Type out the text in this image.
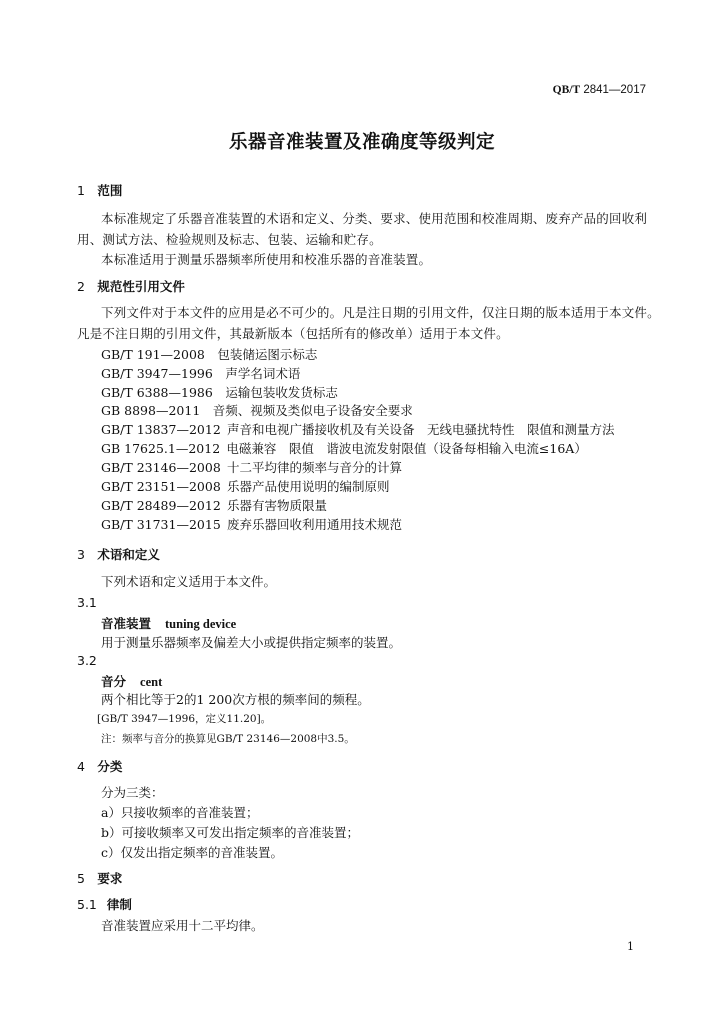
QB/T 2841—2017
乐器音准装置及准确度等级判定
1 范围
本标准规定了乐器音准装置的术语和定义、分类、要求、使用范围和校准周期、废弃产品的回收利
用、测试方法、检验规则及标志、包装、运输和贮存。
本标准适用于测量乐器频率所使用和校准乐器的音准装置。
2 规范性引用文件
下列文件对于本文件的应用是必不可少的。凡是注日期的引用文件，仅注日期的版本适用于本文件。
凡是不注日期的引用文件，其最新版本（包括所有的修改单）适用于本文件。
GB/T 191—2008  包装储运图示标志
GB/T 3947—1996  声学名词术语
GB/T 6388—1986  运输包装收发货标志
GB 8898—2011  音频、视频及类似电子设备安全要求
GB/T 13837—2012  声音和电视广播接收机及有关设备　无线电骚扰特性　限值和测量方法
GB 17625.1—2012  电磁兼容　限值　谐波电流发射限值（设备每相输入电流≤16A）
GB/T 23146—2008  十二平均律的频率与音分的计算
GB/T 23151—2008  乐器产品使用说明的编制原则
GB/T 28489—2012  乐器有害物质限量
GB/T 31731—2015  废弃乐器回收利用通用技术规范
3 术语和定义
下列术语和定义适用于本文件。
3.1
音准装置 tuning device
用于测量乐器频率及偏差大小或提供指定频率的装置。
3.2
音分 cent
两个相比等于2的1 200次方根的频率间的频程。
[GB/T 3947—1996，定义11.20]。
注：频率与音分的换算见GB/T 23146—2008中3.5。
4 分类
分为三类：
a）只接收频率的音准装置；
b）可接收频率又可发出指定频率的音准装置；
c）仅发出指定频率的音准装置。
5 要求
5.1 律制
音准装置应采用十二平均律。
1
